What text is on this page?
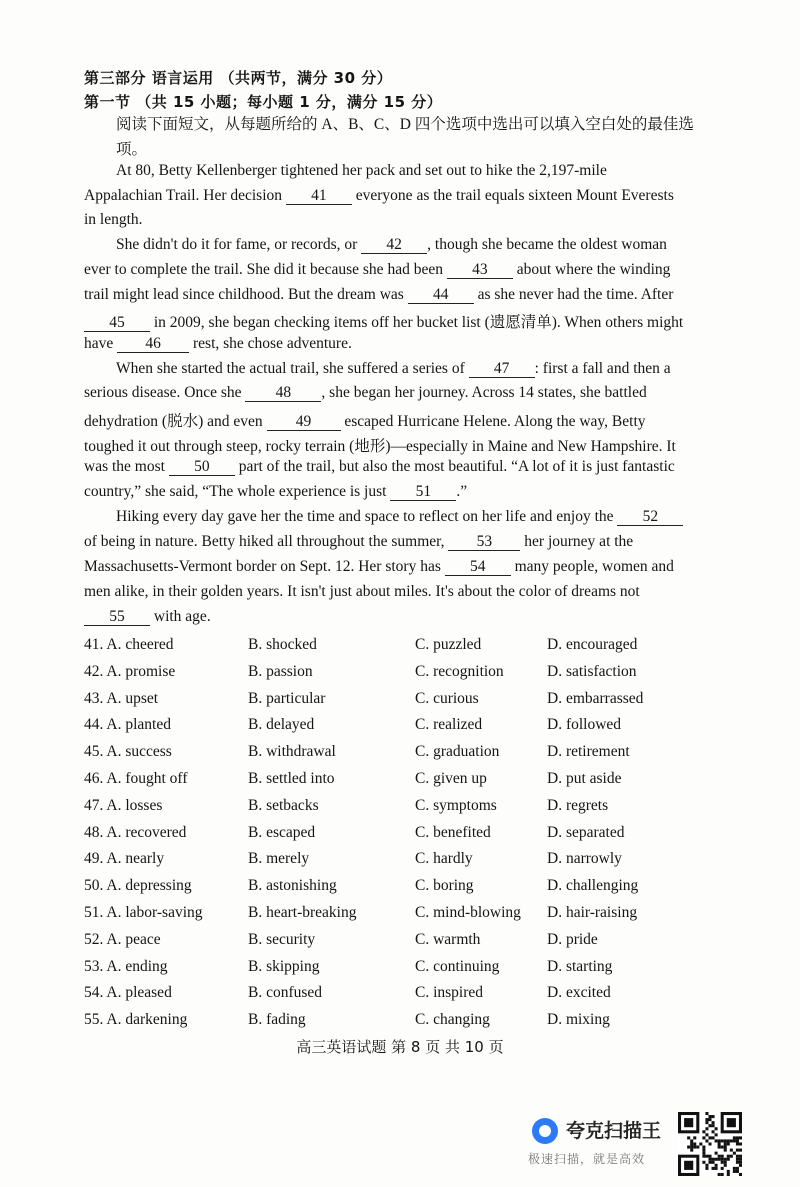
第三部分 语言运用 （共两节，满分 30 分）
第一节 （共 15 小题；每小题 1 分，满分 15 分）
阅读下面短文，从每题所给的 A、B、C、D 四个选项中选出可以填入空白处的最佳选项。
At 80, Betty Kellenberger tightened her pack and set out to hike the 2,197-mile
Appalachian Trail. Her decision 41 everyone as the trail equals sixteen Mount Everests
in length.
She didn't do it for fame, or records, or 42 , though she became the oldest woman
ever to complete the trail. She did it because she had been 43 about where the winding
trail might lead since childhood. But the dream was 44 as she never had the time. After
45 in 2009, she began checking items off her bucket list (遗愿清单). When others might
have 46 rest, she chose adventure.
When she started the actual trail, she suffered a series of 47 : first a fall and then a
serious disease. Once she 48 , she began her journey. Across 14 states, she battled
dehydration (脱水) and even 49 escaped Hurricane Helene. Along the way, Betty
toughed it out through steep, rocky terrain (地形)—especially in Maine and New Hampshire. It
was the most 50 part of the trail, but also the most beautiful. “A lot of it is just fantastic
country,” she said, “The whole experience is just 51 .”
Hiking every day gave her the time and space to reflect on her life and enjoy the 52
of being in nature. Betty hiked all throughout the summer, 53 her journey at the
Massachusetts-Vermont border on Sept. 12. Her story has 54 many people, women and
men alike, in their golden years. It isn't just about miles. It's about the color of dreams not
55 with age.
41. A. cheered	B. shocked	C. puzzled	D. encouraged
42. A. promise	B. passion	C. recognition	D. satisfaction
43. A. upset	B. particular	C. curious	D. embarrassed
44. A. planted	B. delayed	C. realized	D. followed
45. A. success	B. withdrawal	C. graduation	D. retirement
46. A. fought off	B. settled into	C. given up	D. put aside
47. A. losses	B. setbacks	C. symptoms	D. regrets
48. A. recovered	B. escaped	C. benefited	D. separated
49. A. nearly	B. merely	C. hardly	D. narrowly
50. A. depressing	B. astonishing	C. boring	D. challenging
51. A. labor-saving	B. heart-breaking	C. mind-blowing D. hair-raising
52. A. peace	B. security	C. warmth	D. pride
53. A. ending	B. skipping	C. continuing	D. starting
54. A. pleased	B. confused	C. inspired	D. excited
55. A. darkening	B. fading	C. changing	D. mixing
高三英语试题 第 8 页 共 10 页
夸克扫描王
极速扫描，就是高效
